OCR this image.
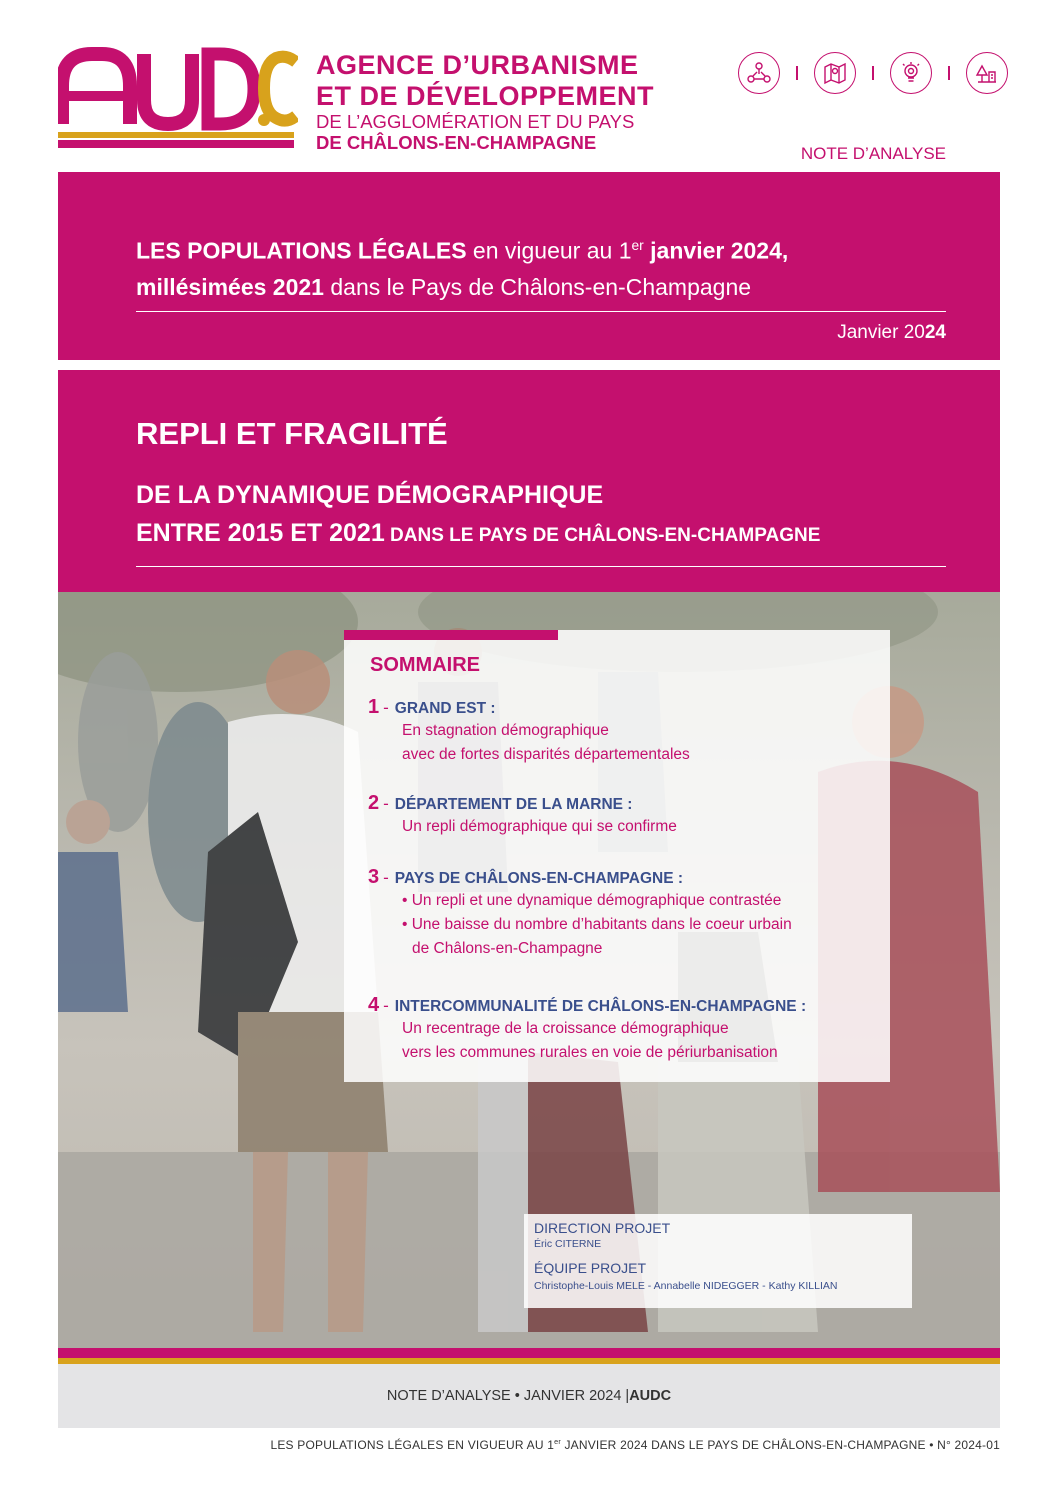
AGENCE D’URBANISME
ET DE DÉVELOPPEMENT
DE L’AGGLOMÉRATION ET DU PAYS
DE CHÂLONS-EN-CHAMPAGNE
NOTE D’ANALYSE
LES POPULATIONS LÉGALES en vigueur au 1er janvier 2024,
millésimées 2021 dans le Pays de Châlons-en-Champagne
Janvier 2024
REPLI ET FRAGILITÉ
DE LA DYNAMIQUE DÉMOGRAPHIQUE
ENTRE 2015 ET 2021 DANS LE PAYS DE CHÂLONS-EN-CHAMPAGNE
SOMMAIRE
1 - GRAND EST :
En stagnation démographique
avec de fortes disparités départementales
2 - DÉPARTEMENT DE LA MARNE :
Un repli démographique qui se confirme
3 - PAYS DE CHÂLONS-EN-CHAMPAGNE :
• Un repli et une dynamique démographique contrastée
• Une baisse du nombre d’habitants dans le coeur urbain
de Châlons-en-Champagne
4 - INTERCOMMUNALITÉ DE CHÂLONS-EN-CHAMPAGNE :
Un recentrage de la croissance démographique
vers les communes rurales en voie de périurbanisation
DIRECTION PROJET
Éric CITERNE
ÉQUIPE PROJET
Christophe-Louis MELE - Annabelle NIDEGGER - Kathy KILLIAN
NOTE D’ANALYSE • JANVIER 2024 | AUDC
LES POPULATIONS LÉGALES EN VIGUEUR AU 1er JANVIER 2024 DANS LE PAYS DE CHÂLONS-EN-CHAMPAGNE • N° 2024-01
